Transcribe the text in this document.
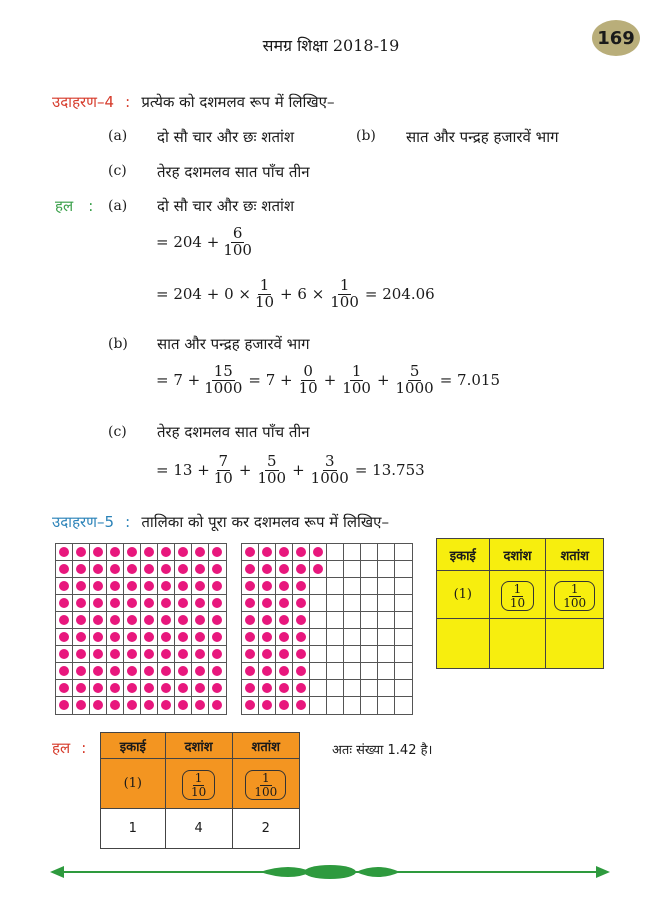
समग्र शिक्षा 2018-19	169
उदाहरण–4 : प्रत्येक को दशमलव रूप में लिखिए–
(a) दो सौ चार और छः शतांश	(b) सात और पन्द्रह हजारवें भाग
(c) तेरह दशमलव सात पाँच तीन
हल :	(a) दो सौ चार और छः शतांश
= $204 + \frac{6}{100}$
= $204 + 0 \times \frac{1}{10} + 6 \times \frac{1}{100} = 204.06$
(b) सात और पन्द्रह हजारवें भाग
= $7 + \frac{15}{1000} = 7 + \frac{0}{10} + \frac{1}{100} + \frac{5}{1000} = 7.015$
(c) तेरह दशमलव सात पाँच तीन
= $13 + \frac{7}{10} + \frac{5}{100} + \frac{3}{1000} = 13.753$
उदाहरण–5 : तालिका को पूरा कर दशमलव रूप में लिखिए–
इकाई	दशांश	शतांश
(1)	$\frac{1}{10}$	$\frac{1}{100}$

हल :	इकाई	दशांश	शतांश
(1)	$\frac{1}{10}$	$\frac{1}{100}$

1	4	2
अतः संख्या 1.42 है।
